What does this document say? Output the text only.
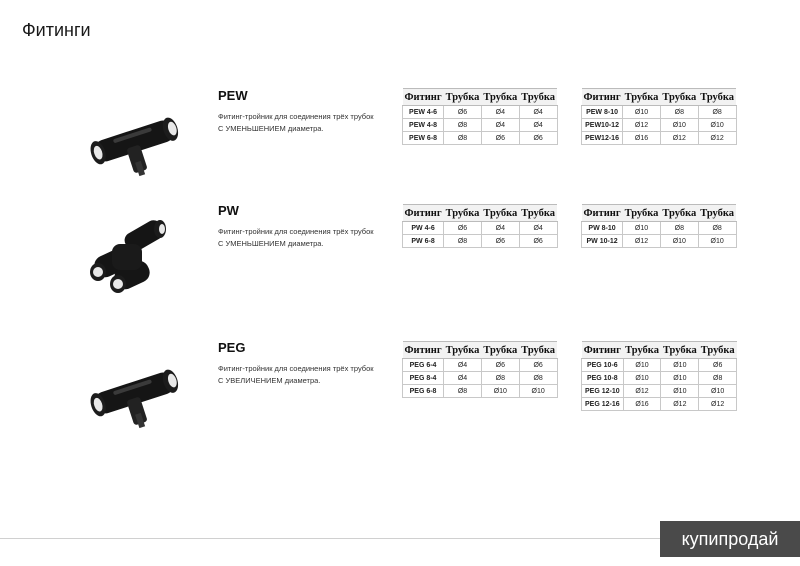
Фитинги
PEW
Фитинг-тройник для соединения трёх трубок С УМЕНЬШЕНИЕМ диаметра.
Фитинг	Трубка	Трубка	Трубка
PEW 4-6	Ø6	Ø4	Ø4
PEW 4-8	Ø8	Ø4	Ø4
PEW 6-8	Ø8	Ø6	Ø6
Фитинг	Трубка	Трубка	Трубка
PEW 8-10	Ø10	Ø8	Ø8
PEW10-12	Ø12	Ø10	Ø10
PEW12-16	Ø16	Ø12	Ø12
PW
Фитинг-тройник для соединения трёх трубок С УМЕНЬШЕНИЕМ диаметра.
Фитинг	Трубка	Трубка	Трубка
PW 4-6	Ø6	Ø4	Ø4
PW 6-8	Ø8	Ø6	Ø6
Фитинг	Трубка	Трубка	Трубка
PW 8-10	Ø10	Ø8	Ø8
PW 10-12	Ø12	Ø10	Ø10
PEG
Фитинг-тройник для соединения трёх трубок С УВЕЛИЧЕНИЕМ диаметра.
Фитинг	Трубка	Трубка	Трубка
PEG 6-4	Ø4	Ø6	Ø6
PEG 8-4	Ø4	Ø8	Ø8
PEG 6-8	Ø8	Ø10	Ø10
Фитинг	Трубка	Трубка	Трубка
PEG 10-6	Ø10	Ø10	Ø6
PEG 10-8	Ø10	Ø10	Ø8
PEG 12-10	Ø12	Ø10	Ø10
PEG 12-16	Ø16	Ø12	Ø12
купипродай
